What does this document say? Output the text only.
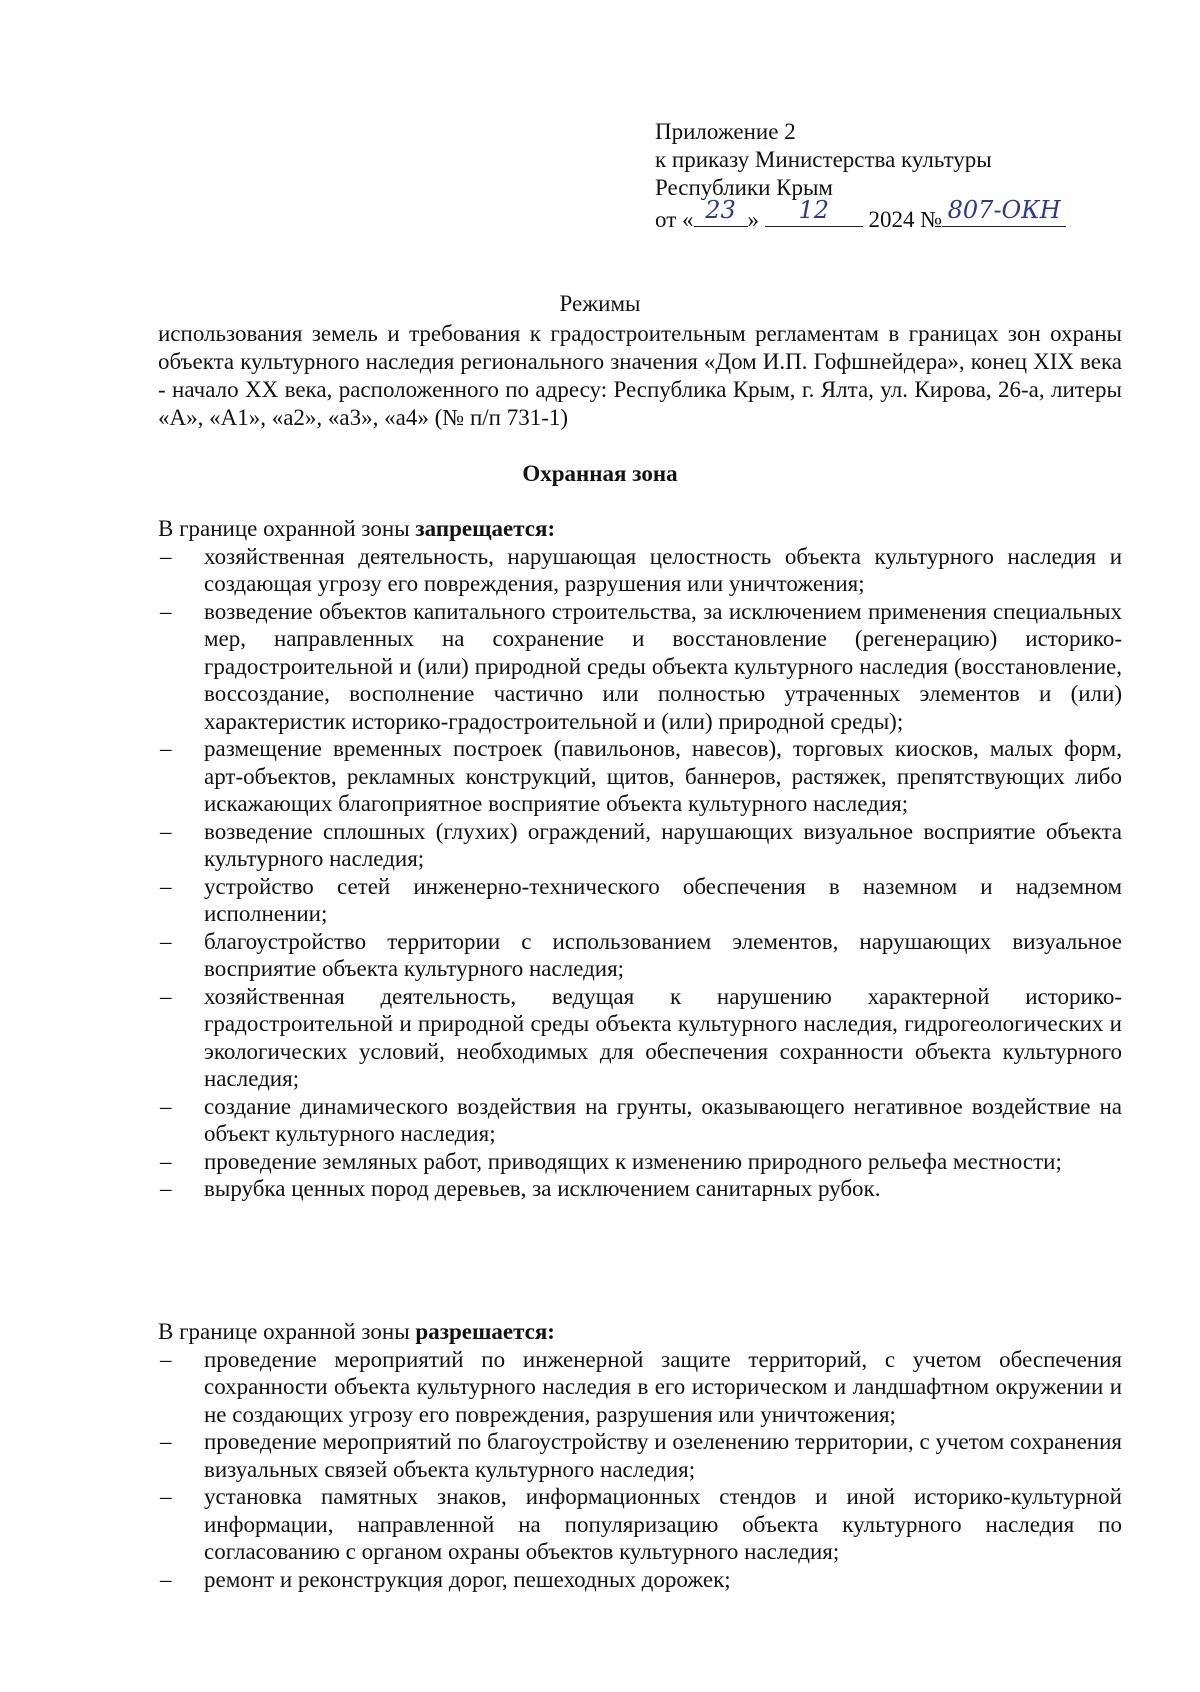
Приложение 2
к приказу Министерства культуры
Республики Крым
от « 23 »	12	2024 № 807-ОКН
Режимы
использования земель и требования к градостроительным регламентам в границах зон охраны объекта культурного наследия регионального значения «Дом И.П. Гофшнейдера», конец XIX века - начало XX века, расположенного по адресу: Республика Крым, г. Ялта, ул. Кирова, 26-а, литеры «А», «А1», «а2», «а3», «а4» (№ п/п 731-1)
Охранная зона
В границе охранной зоны запрещается:
– хозяйственная деятельность, нарушающая целостность объекта культурного наследия и создающая угрозу его повреждения, разрушения или уничтожения;
– возведение объектов капитального строительства, за исключением применения специальных мер, направленных на сохранение и восстановление (регенерацию) историко-градостроительной и (или) природной среды объекта культурного наследия (восстановление, воссоздание, восполнение частично или полностью утраченных элементов и (или) характеристик историко-градостроительной и (или) природной среды);
– размещение временных построек (павильонов, навесов), торговых киосков, малых форм, арт-объектов, рекламных конструкций, щитов, баннеров, растяжек, препятствующих либо искажающих благоприятное восприятие объекта культурного наследия;
– возведение сплошных (глухих) ограждений, нарушающих визуальное восприятие объекта культурного наследия;
– устройство сетей инженерно-технического обеспечения в наземном и надземном исполнении;
– благоустройство территории с использованием элементов, нарушающих визуальное восприятие объекта культурного наследия;
– хозяйственная деятельность, ведущая к нарушению характерной историко-градостроительной и природной среды объекта культурного наследия, гидрогеологических и экологических условий, необходимых для обеспечения сохранности объекта культурного наследия;
– создание динамического воздействия на грунты, оказывающего негативное воздействие на объект культурного наследия;
– проведение земляных работ, приводящих к изменению природного рельефа местности;
– вырубка ценных пород деревьев, за исключением санитарных рубок.
В границе охранной зоны разрешается:
– проведение мероприятий по инженерной защите территорий, с учетом обеспечения сохранности объекта культурного наследия в его историческом и ландшафтном окружении и не создающих угрозу его повреждения, разрушения или уничтожения;
– проведение мероприятий по благоустройству и озеленению территории, с учетом сохранения визуальных связей объекта культурного наследия;
– установка памятных знаков, информационных стендов и иной историко-культурной информации, направленной на популяризацию объекта культурного наследия по согласованию с органом охраны объектов культурного наследия;
– ремонт и реконструкция дорог, пешеходных дорожек;
